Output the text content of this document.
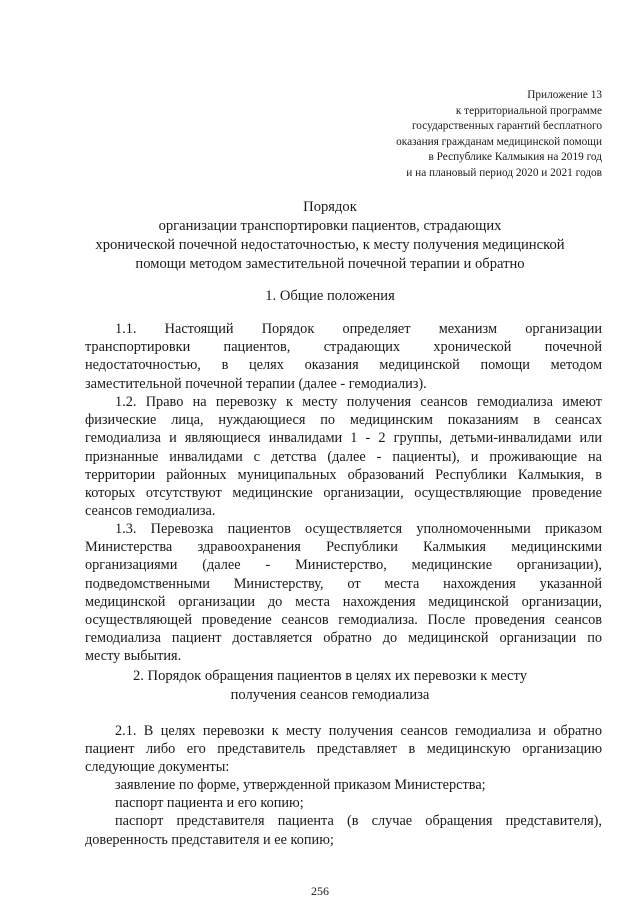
Приложение 13
к территориальной программе
государственных гарантий бесплатного
оказания гражданам медицинской помощи
в Республике Калмыкия на 2019 год
и на плановый период 2020 и 2021 годов
Порядок
организации транспортировки пациентов, страдающих
хронической почечной недостаточностью, к месту получения медицинской
помощи методом заместительной почечной терапии и обратно
1. Общие положения
1.1. Настоящий Порядок определяет механизм организации
транспортировки пациентов, страдающих хронической почечной
недостаточностью, в целях оказания медицинской помощи методом
заместительной почечной терапии (далее - гемодиализ).
1.2. Право на перевозку к месту получения сеансов гемодиализа имеют
физические лица, нуждающиеся по медицинским показаниям в сеансах
гемодиализа и являющиеся инвалидами 1 - 2 группы, детьми-инвалидами или
признанные инвалидами с детства (далее - пациенты), и проживающие на
территории районных муниципальных образований Республики Калмыкия, в
которых отсутствуют медицинские организации, осуществляющие проведение
сеансов гемодиализа.
1.3. Перевозка пациентов осуществляется уполномоченными приказом
Министерства здравоохранения Республики Калмыкия медицинскими
организациями (далее - Министерство, медицинские организации),
подведомственными Министерству, от места нахождения указанной
медицинской организации до места нахождения медицинской организации,
осуществляющей проведение сеансов гемодиализа. После проведения сеансов
гемодиализа пациент доставляется обратно до медицинской организации по
месту выбытия.
2. Порядок обращения пациентов в целях их перевозки к месту
получения сеансов гемодиализа
2.1. В целях перевозки к месту получения сеансов гемодиализа и обратно
пациент либо его представитель представляет в медицинскую организацию
следующие документы:
заявление по форме, утвержденной приказом Министерства;
паспорт пациента и его копию;
паспорт представителя пациента (в случае обращения представителя),
доверенность представителя и ее копию;
256
